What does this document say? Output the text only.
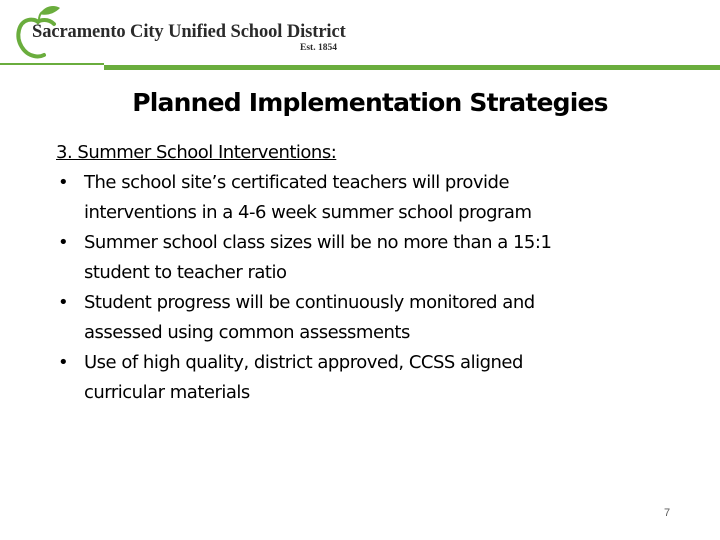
Sacramento City Unified School District
Est. 1854
Planned Implementation Strategies

3. Summer School Interventions:

• The school site’s certificated teachers will provide
interventions in a 4-6 week summer school program
• Summer school class sizes will be no more than a 15:1
student to teacher ratio
• Student progress will be continuously monitored and
assessed using common assessments
• Use of high quality, district approved, CCSS aligned
curricular materials
7
